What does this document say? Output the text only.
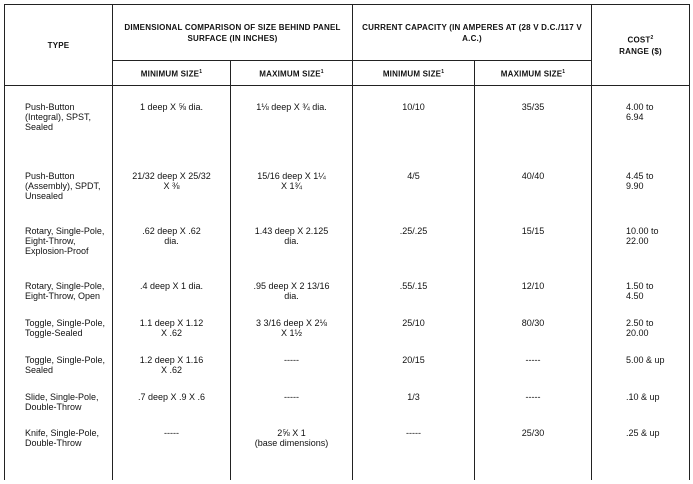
TYPE	DIMENSIONAL COMPARISON OF SIZE BEHIND PANEL SURFACE (IN INCHES)		CURRENT CAPACITY (IN AMPERES AT (28 V D.C./117 V A.C.)		COST$^2$
RANGE ($)
	MINIMUM SIZE$^1$	MAXIMUM SIZE$^1$	MINIMUM SIZE$^1$	MAXIMUM SIZE$^1$

Push-Button (Integral), SPST, Sealed	1 deep X ⅝ dia.	1⅛ deep X ¾ dia.	10/10	35/35	4.00 to
6.94

Push-Button (Assembly), SPDT, Unsealed	21/32 deep X 25/32
X ⅜	15/16 deep X 1¼
X 1¾	4/5	40/40	4.45 to
9.90

Rotary, Single-Pole, Eight-Throw, Explosion-Proof	.62 deep X .62
dia.	1.43 deep X 2.125
dia.	.25/.25	15/15	10.00 to
22.00

Rotary, Single-Pole, Eight-Throw, Open	.4 deep X 1 dia.	.95 deep X 2 13/16
dia.	.55/.15	12/10	1.50 to
4.50

Toggle, Single-Pole, Toggle-Sealed	1.1 deep X 1.12
X .62	3 3/16 deep X 2⅛
X 1½	25/10	80/30	2.50 to
20.00

Toggle, Single-Pole, Sealed	1.2 deep X 1.16
X .62	-----	20/15	-----	5.00 & up

Slide, Single-Pole, Double-Throw	.7 deep X .9 X .6	-----	1/3	-----	.10 & up

Knife, Single-Pole, Double-Throw	-----	2⅝ X 1
(base dimensions)	-----	25/30	.25 & up
